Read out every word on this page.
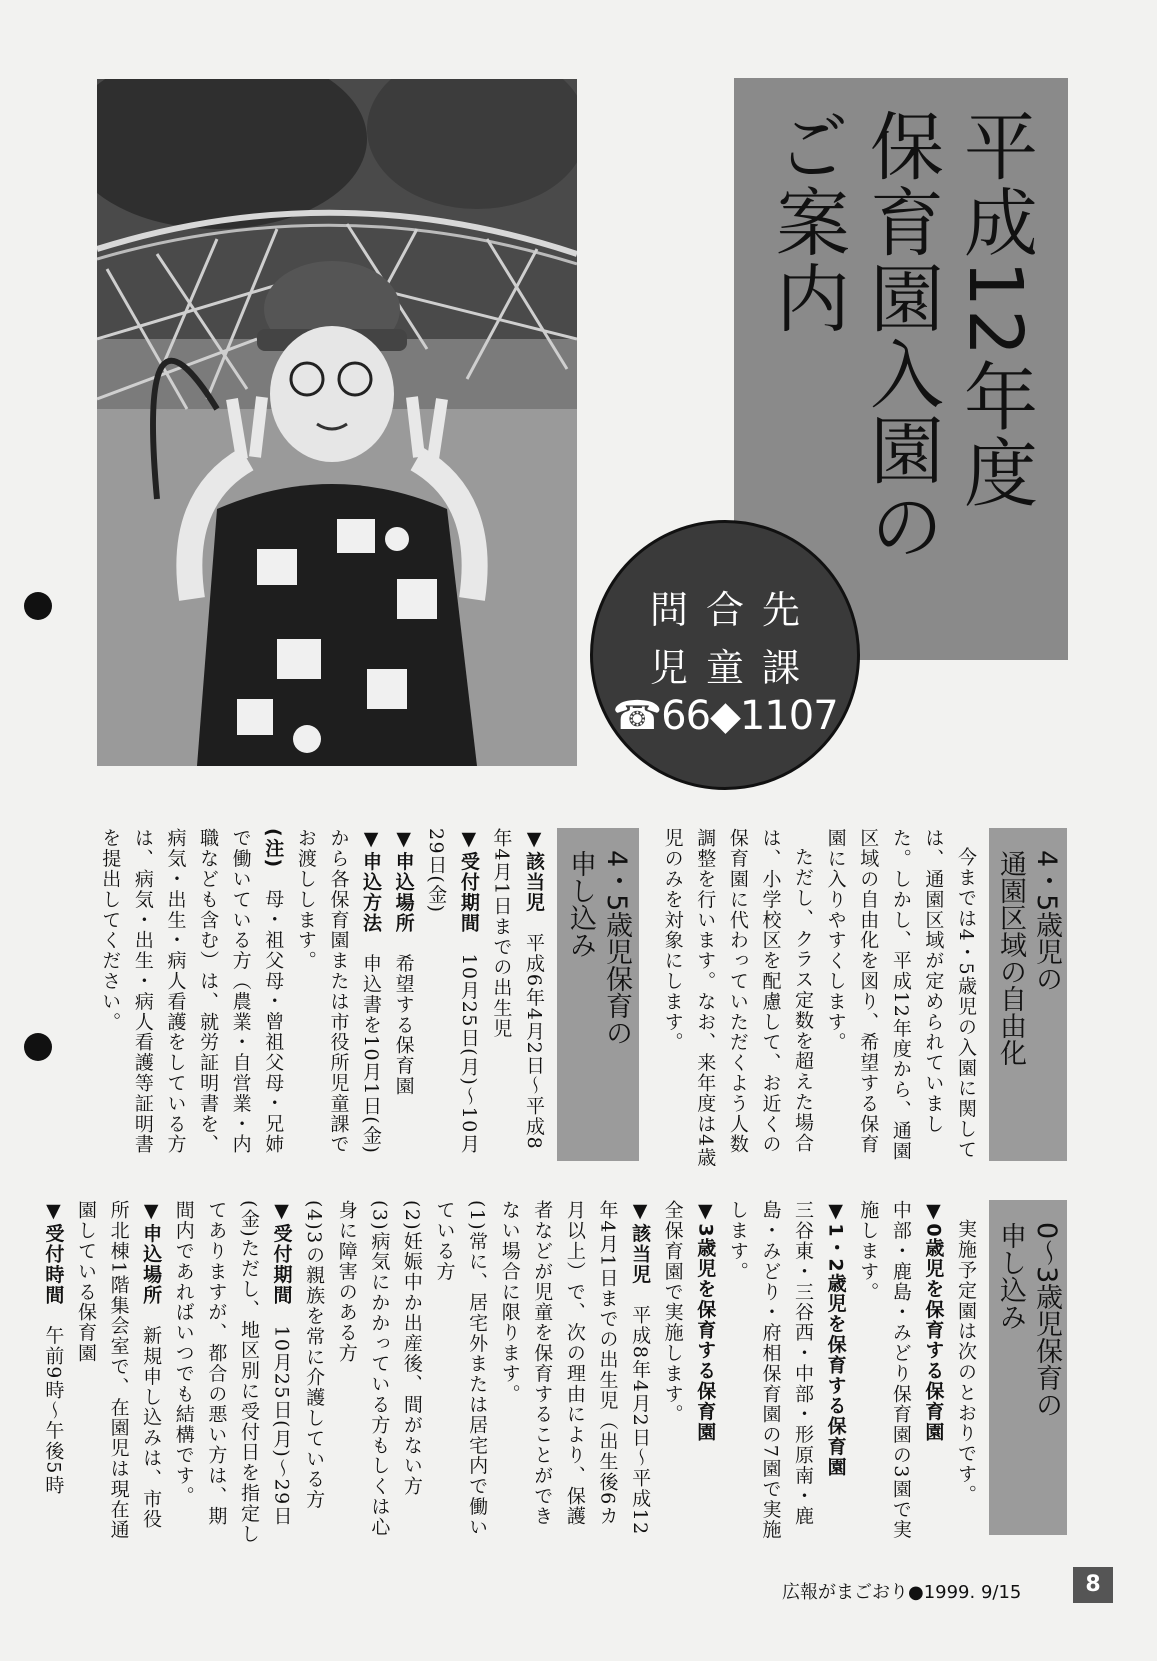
平成12年度
保育園入園の
ご案内
問合先
児童課
☎66◆1107
4・5歳児の
通園区域の自由化

今までは4・5歳児の入園に関しては、通園区域が定められていました。しかし、平成12年度から、通園区域の自由化を図り、希望する保育園に入りやすくします。

ただし、クラス定数を超えた場合は、小学校区を配慮して、お近くの保育園に代わっていただくよう人数調整を行います。なお、来年度は4歳児のみを対象にします。

4・5歳児保育の
申し込み

▼該当児　平成6年4月2日～平成8年4月1日までの出生児

▼受付期間　10月25日(月)～10月29日(金)

▼申込場所　希望する保育園

▼申込方法　申込書を10月1日(金)から各保育園または市役所児童課でお渡しします。

(注)　母・祖父母・曾祖父母・兄姉で働いている方（農業・自営業・内職なども含む）は、就労証明書を、病気・出生・病人看護をしている方は、病気・出生・病人看護等証明書を提出してください。

0～3歳児保育の
申し込み

実施予定園は次のとおりです。

▼0歳児を保育する保育園
中部・鹿島・みどり保育園の3園で実施します。

▼1・2歳児を保育する保育園
三谷東・三谷西・中部・形原南・鹿島・みどり・府相保育園の7園で実施します。

▼3歳児を保育する保育園
全保育園で実施します。

▼該当児　平成8年4月2日～平成12年4月1日までの出生児（出生後6カ月以上）で、次の理由により、保護者などが児童を保育することができない場合に限ります。

(1)常に、居宅外または居宅内で働いている方

(2)妊娠中か出産後、間がない方

(3)病気にかかっている方もしくは心身に障害のある方

(4)3の親族を常に介護している方

▼受付期間　10月25日(月)～29日(金)ただし、地区別に受付日を指定してありますが、都合の悪い方は、期間内であればいつでも結構です。

▼申込場所　新規申し込みは、市役所北棟1階集会室で、在園児は現在通園している保育園

▼受付時間　午前9時～午後5時

広報がまごおり●1999. 9/15	8
